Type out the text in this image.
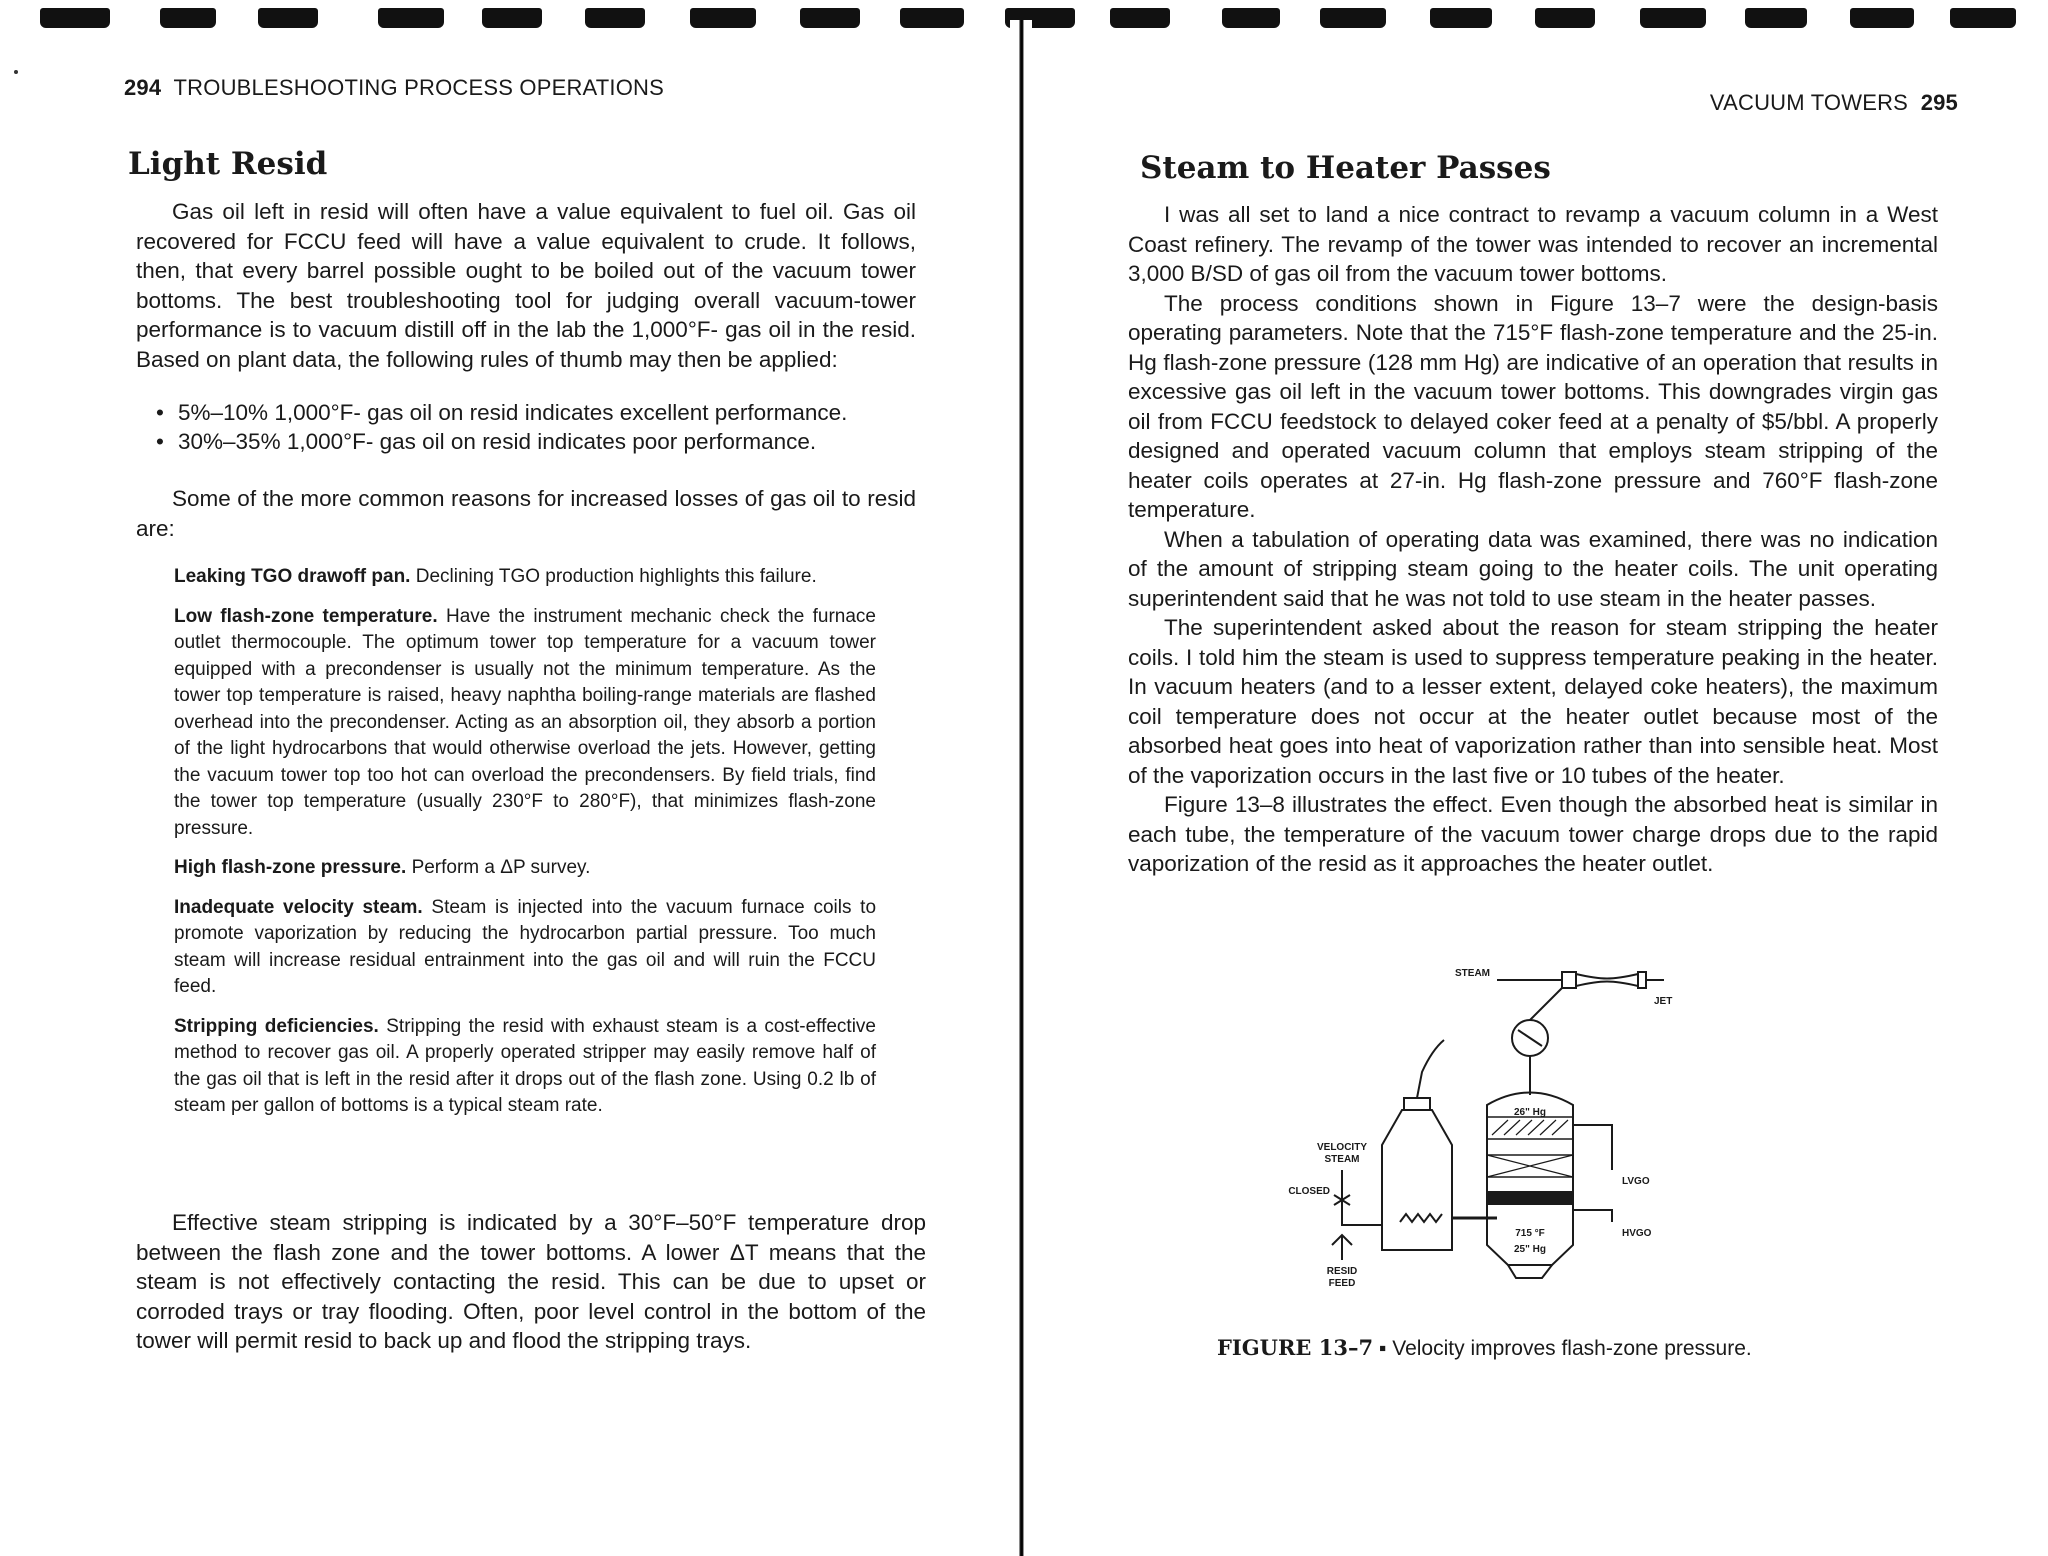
294 TROUBLESHOOTING PROCESS OPERATIONS
Light Resid

Gas oil left in resid will often have a value equivalent to fuel oil. Gas oil recovered for FCCU feed will have a value equivalent to crude. It follows, then, that every barrel possible ought to be boiled out of the vacuum tower bottoms. The best troubleshooting tool for judging overall vacuum-tower performance is to vacuum distill off in the lab the 1,000°F- gas oil in the resid. Based on plant data, the following rules of thumb may then be applied:

• 5%–10% 1,000°F- gas oil on resid indicates excellent performance.
• 30%–35% 1,000°F- gas oil on resid indicates poor performance.

Some of the more common reasons for increased losses of gas oil to resid are:

Leaking TGO drawoff pan. Declining TGO production highlights this failure.

Low flash-zone temperature. Have the instrument mechanic check the furnace outlet thermocouple. The optimum tower top temperature for a vacuum tower equipped with a precondenser is usually not the minimum temperature. As the tower top temperature is raised, heavy naphtha boiling-range materials are flashed overhead into the precondenser. Acting as an absorption oil, they absorb a portion of the light hydrocarbons that would otherwise overload the jets. However, getting the vacuum tower top too hot can overload the precondensers. By field trials, find the tower top temperature (usually 230°F to 280°F), that minimizes flash-zone pressure.

High flash-zone pressure. Perform a ΔP survey.

Inadequate velocity steam. Steam is injected into the vacuum furnace coils to promote vaporization by reducing the hydrocarbon partial pressure. Too much steam will increase residual entrainment into the gas oil and will ruin the FCCU feed.

Stripping deficiencies. Stripping the resid with exhaust steam is a cost-effective method to recover gas oil. A properly operated stripper may easily remove half of the gas oil that is left in the resid after it drops out of the flash zone. Using 0.2 lb of steam per gallon of bottoms is a typical steam rate.

Effective steam stripping is indicated by a 30°F–50°F temperature drop between the flash zone and the tower bottoms. A lower ΔT means that the steam is not effectively contacting the resid. This can be due to upset or corroded trays or tray flooding. Often, poor level control in the bottom of the tower will permit resid to back up and flood the stripping trays.

VACUUM TOWERS 295
Steam to Heater Passes

I was all set to land a nice contract to revamp a vacuum column in a West Coast refinery. The revamp of the tower was intended to recover an incremental 3,000 B/SD of gas oil from the vacuum tower bottoms.

The process conditions shown in Figure 13–7 were the design-basis operating parameters. Note that the 715°F flash-zone temperature and the 25-in. Hg flash-zone pressure (128 mm Hg) are indicative of an operation that results in excessive gas oil left in the vacuum tower bottoms. This downgrades virgin gas oil from FCCU feedstock to delayed coker feed at a penalty of $5/bbl. A properly designed and operated vacuum column that employs steam stripping of the heater coils operates at 27-in. Hg flash-zone pressure and 760°F flash-zone temperature.

When a tabulation of operating data was examined, there was no indication of the amount of stripping steam going to the heater coils. The unit operating superintendent said that he was not told to use steam in the heater passes.

The superintendent asked about the reason for steam stripping the heater coils. I told him the steam is used to suppress temperature peaking in the heater. In vacuum heaters (and to a lesser extent, delayed coke heaters), the maximum coil temperature does not occur at the heater outlet because most of the absorbed heat goes into heat of vaporization rather than into sensible heat. Most of the vaporization occurs in the last five or 10 tubes of the heater.

Figure 13–8 illustrates the effect. Even though the absorbed heat is similar in each tube, the temperature of the vacuum tower charge drops due to the rapid vaporization of the resid as it approaches the heater outlet.

STEAM
JET
26" Hg
VELOCITY
STEAM
CLOSED
LVGO
HVGO
715 °F
25" Hg
RESID
FEED
FIGURE 13–7 ▪ Velocity improves flash-zone pressure.
